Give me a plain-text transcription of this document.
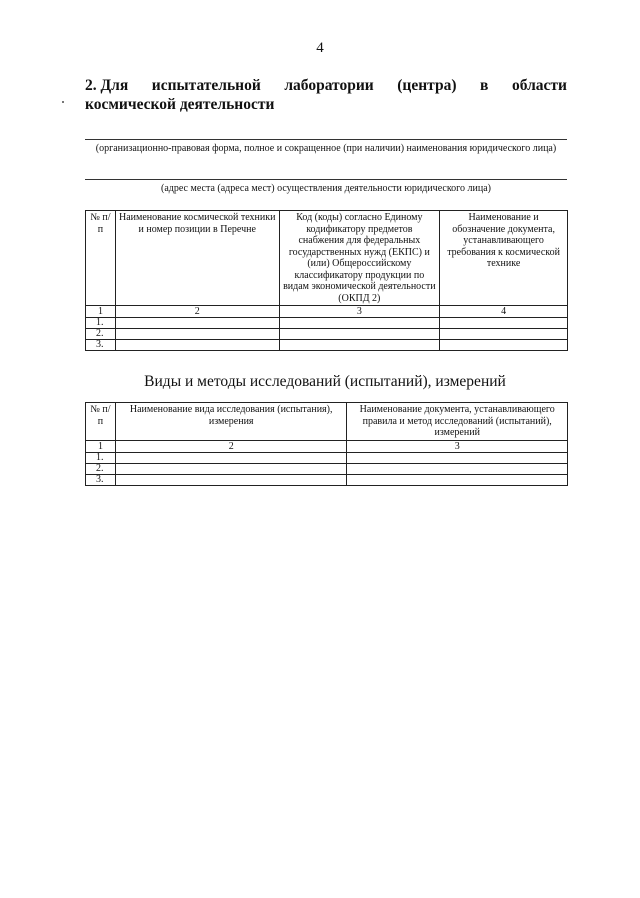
4
2. Для испытательной лаборатории (центра) в области
космической деятельности
(организационно-правовая форма, полное и сокращенное (при наличии) наименования юридического лица)
(адрес места (адреса мест) осуществления деятельности юридического лица)
№ п/п	Наименование космической техники и номер позиции в Перечне	Код (коды) согласно Единому кодификатору предметов снабжения для федеральных государственных нужд (ЕКПС) и (или) Общероссийскому классификатору продукции по видам экономической деятельности (ОКПД 2)	Наименование и обозначение документа, устанавливающего требования к космической технике
1	2	3	4
1.			
2.			
3.			
Виды и методы исследований (испытаний), измерений
№ п/п	Наименование вида исследования (испытания), измерения	Наименование документа, устанавливающего правила и метод исследований (испытаний), измерений
1	2	3
1.		
2.		
3.		
